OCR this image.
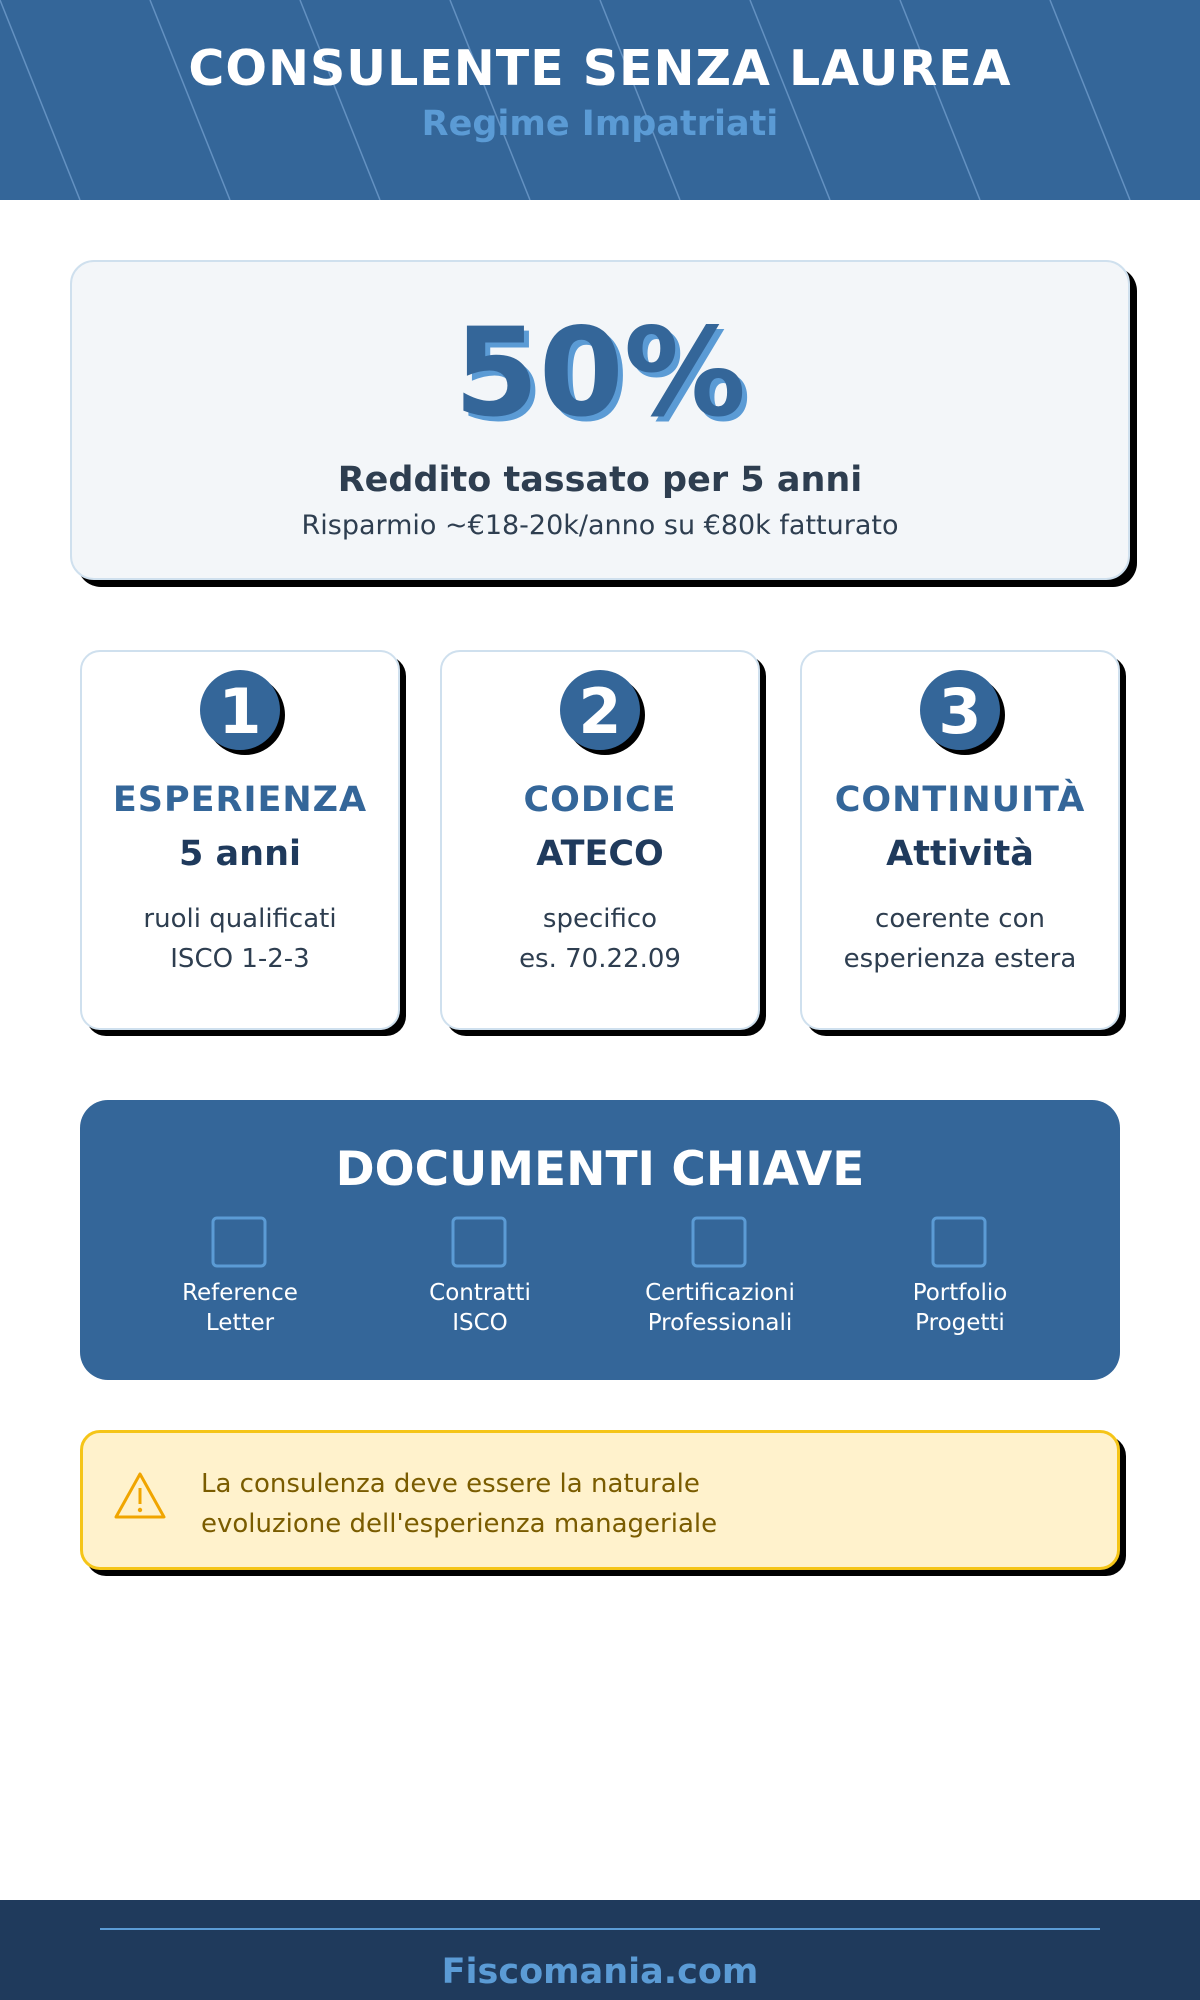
CONSULENTE SENZA LAUREA
Regime Impatriati
50%
Reddito tassato per 5 anni
Risparmio ~€18-20k/anno su €80k fatturato
1
ESPERIENZA
5 anni
ruoli qualificati
ISCO 1-2-3
2
CODICE
ATECO
specifico
es. 70.22.09
3
CONTINUITÀ
Attività
coerente con
esperienza estera
DOCUMENTI CHIAVE
Reference
Letter
Contratti
ISCO
Certificazioni
Professionali
Portfolio
Progetti
La consulenza deve essere la naturale
evoluzione dell'esperienza manageriale
Fiscomania.com
